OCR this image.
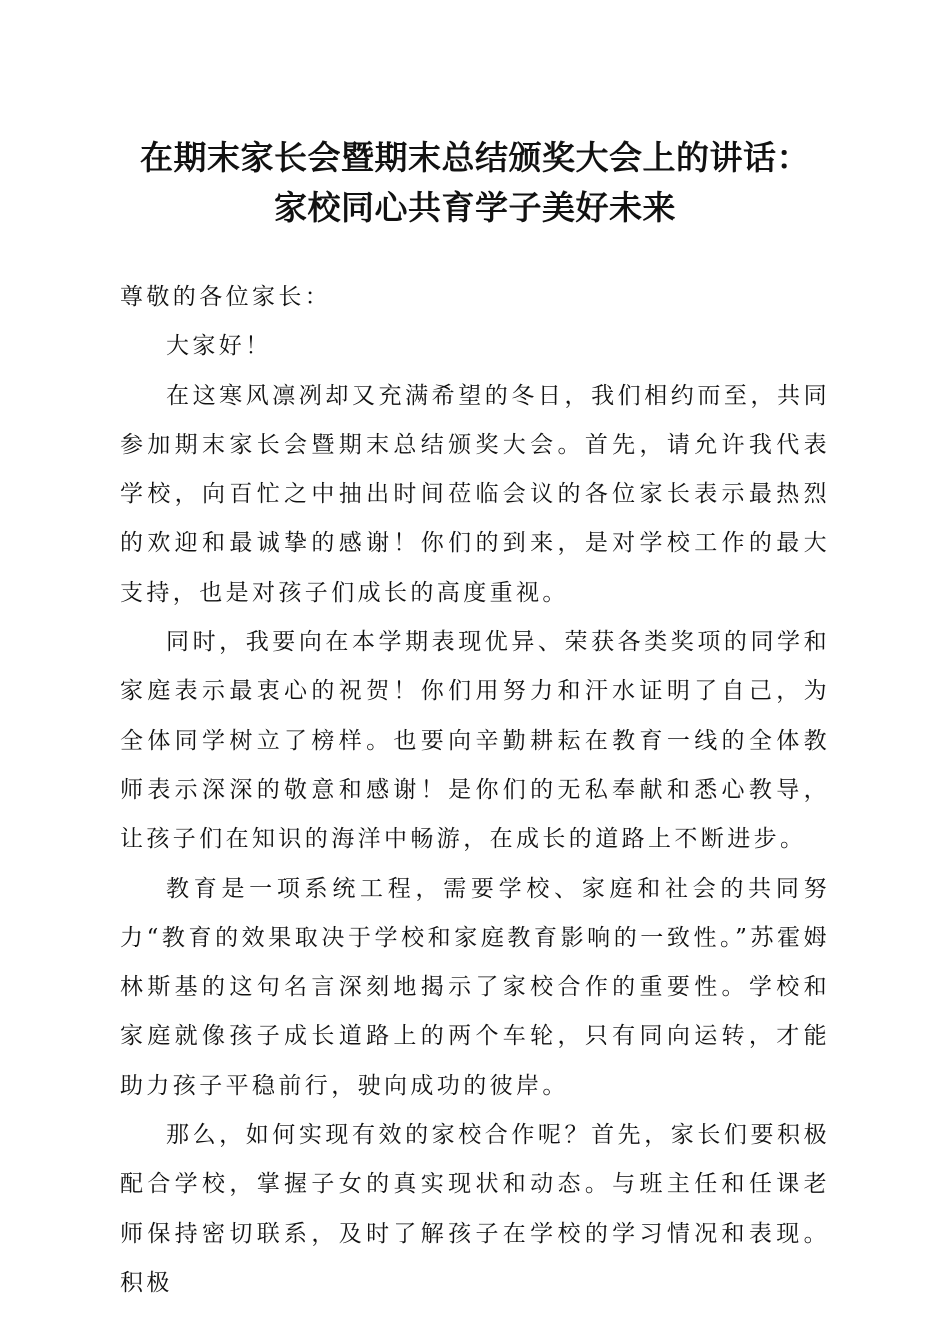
在期末家长会暨期末总结颁奖大会上的讲话：
家校同心共育学子美好未来

尊敬的各位家长：

大家好！

在这寒风凛冽却又充满希望的冬日，我们相约而至，共同参加期末家长会暨期末总结颁奖大会。首先，请允许我代表学校，向百忙之中抽出时间莅临会议的各位家长表示最热烈的欢迎和最诚挚的感谢！你们的到来，是对学校工作的最大支持，也是对孩子们成长的高度重视。

同时，我要向在本学期表现优异、荣获各类奖项的同学和家庭表示最衷心的祝贺！你们用努力和汗水证明了自己，为全体同学树立了榜样。也要向辛勤耕耘在教育一线的全体教师表示深深的敬意和感谢！是你们的无私奉献和悉心教导，让孩子们在知识的海洋中畅游，在成长的道路上不断进步。

教育是一项系统工程，需要学校、家庭和社会的共同努力“教育的效果取决于学校和家庭教育影响的一致性。”苏霍姆林斯基的这句名言深刻地揭示了家校合作的重要性。学校和家庭就像孩子成长道路上的两个车轮，只有同向运转，才能助力孩子平稳前行，驶向成功的彼岸。

那么，如何实现有效的家校合作呢？首先，家长们要积极配合学校，掌握子女的真实现状和动态。与班主任和任课老师保持密切联系，及时了解孩子在学校的学习情况和表现。积极
